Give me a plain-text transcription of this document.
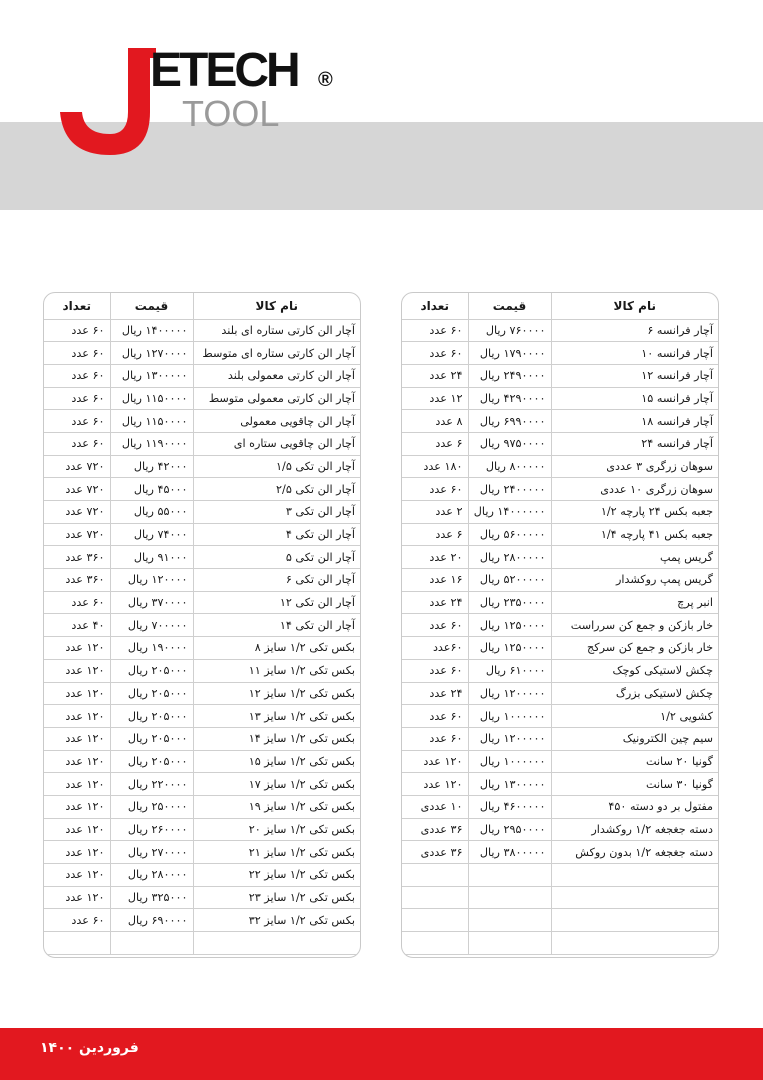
ETECH ®
TOOL
نام کالا	قیمت	تعداد
آچار الن کارتی ستاره ای بلند	۱۴۰۰۰۰۰ ریال	۶۰ عدد
آچار الن کارتی ستاره ای متوسط	۱۲۷۰۰۰۰ ریال	۶۰ عدد
آچار الن کارتی معمولی بلند	۱۳۰۰۰۰۰ ریال	۶۰ عدد
آچار الن کارتی معمولی متوسط	۱۱۵۰۰۰۰ ریال	۶۰ عدد
آچار الن چاقویی معمولی	۱۱۵۰۰۰۰ ریال	۶۰ عدد
آچار الن چاقویی ستاره ای	۱۱۹۰۰۰۰ ریال	۶۰ عدد
آچار الن تکی ۱/۵	۴۲۰۰۰ ریال	۷۲۰ عدد
آچار الن تکی ۲/۵	۴۵۰۰۰ ریال	۷۲۰ عدد
آچار الن تکی ۳	۵۵۰۰۰ ریال	۷۲۰ عدد
آچار الن تکی ۴	۷۴۰۰۰ ریال	۷۲۰ عدد
آچار الن تکی ۵	۹۱۰۰۰ ریال	۳۶۰ عدد
آچار الن تکی ۶	۱۲۰۰۰۰ ریال	۳۶۰ عدد
آچار الن تکی ۱۲	۳۷۰۰۰۰ ریال	۶۰ عدد
آچار الن تکی ۱۴	۷۰۰۰۰۰ ریال	۴۰ عدد
بکس تکی ۱/۲ سایز ۸	۱۹۰۰۰۰ ریال	۱۲۰ عدد
بکس تکی ۱/۲ سایز ۱۱	۲۰۵۰۰۰ ریال	۱۲۰ عدد
بکس تکی ۱/۲ سایز ۱۲	۲۰۵۰۰۰ ریال	۱۲۰ عدد
بکس تکی ۱/۲ سایز ۱۳	۲۰۵۰۰۰ ریال	۱۲۰ عدد
بکس تکی ۱/۲ سایز ۱۴	۲۰۵۰۰۰ ریال	۱۲۰ عدد
بکس تکی ۱/۲ سایز ۱۵	۲۰۵۰۰۰ ریال	۱۲۰ عدد
بکس تکی ۱/۲ سایز ۱۷	۲۲۰۰۰۰ ریال	۱۲۰ عدد
بکس تکی ۱/۲ سایز ۱۹	۲۵۰۰۰۰ ریال	۱۲۰ عدد
بکس تکی ۱/۲ سایز ۲۰	۲۶۰۰۰۰ ریال	۱۲۰ عدد
بکس تکی ۱/۲ سایز ۲۱	۲۷۰۰۰۰ ریال	۱۲۰ عدد
بکس تکی ۱/۲ سایز ۲۲	۲۸۰۰۰۰ ریال	۱۲۰ عدد
بکس تکی ۱/۲ سایز ۲۳	۳۲۵۰۰۰ ریال	۱۲۰ عدد
بکس تکی ۱/۲ سایز ۳۲	۶۹۰۰۰۰ ریال	۶۰ عدد

نام کالا	قیمت	تعداد
آچار فرانسه ۶	۷۶۰۰۰۰ ریال	۶۰ عدد
آچار فرانسه ۱۰	۱۷۹۰۰۰۰ ریال	۶۰ عدد
آچار فرانسه ۱۲	۲۴۹۰۰۰۰ ریال	۲۴ عدد
آچار فرانسه ۱۵	۴۲۹۰۰۰۰ ریال	۱۲ عدد
آچار فرانسه ۱۸	۶۹۹۰۰۰۰ ریال	۸ عدد
آچار فرانسه ۲۴	۹۷۵۰۰۰۰ ریال	۶ عدد
سوهان زرگری ۳ عددی	۸۰۰۰۰۰ ریال	۱۸۰ عدد
سوهان زرگری ۱۰ عددی	۲۴۰۰۰۰۰ ریال	۶۰ عدد
جعبه بکس ۲۴ پارچه ۱/۲	۱۴۰۰۰۰۰۰ ریال	۲ عدد
جعبه بکس ۴۱ پارچه ۱/۴	۵۶۰۰۰۰۰ ریال	۶ عدد
گریس پمپ	۲۸۰۰۰۰۰ ریال	۲۰ عدد
گریس پمپ روکشدار	۵۲۰۰۰۰۰ ریال	۱۶ عدد
انبر پرچ	۲۳۵۰۰۰۰ ریال	۲۴ عدد
خار بازکن و جمع کن سرراست	۱۲۵۰۰۰۰ ریال	۶۰ عدد
خار بازکن و جمع کن سرکج	۱۲۵۰۰۰۰ ریال	۶۰عدد
چکش لاستیکی کوچک	۶۱۰۰۰۰ ریال	۶۰ عدد
چکش لاستیکی بزرگ	۱۲۰۰۰۰۰ ریال	۲۴ عدد
کشویی ۱/۲	۱۰۰۰۰۰۰ ریال	۶۰ عدد
سیم چین الکترونیک	۱۲۰۰۰۰۰ ریال	۶۰ عدد
گونیا ۲۰ سانت	۱۰۰۰۰۰۰ ریال	۱۲۰ عدد
گونیا ۳۰ سانت	۱۳۰۰۰۰۰ ریال	۱۲۰ عدد
مفتول بر دو دسته ۴۵۰	۴۶۰۰۰۰۰ ریال	۱۰ عددی
دسته جغجغه ۱/۲ روکشدار	۲۹۵۰۰۰۰ ریال	۳۶ عددی
دسته جغجغه ۱/۲ بدون روکش	۳۸۰۰۰۰۰ ریال	۳۶ عددی

فروردین ۱۴۰۰
